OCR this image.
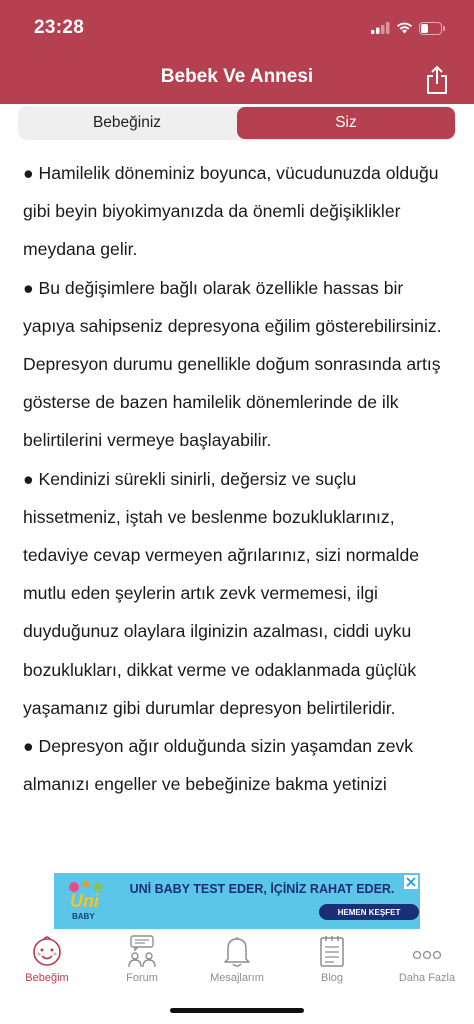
23:28
Bebek Ve Annesi
Bebeğiniz	Siz

● Hamilelik döneminiz boyunca, vücudunuzda olduğu gibi beyin biyokimyanızda da önemli değişiklikler meydana gelir.

● Bu değişimlere bağlı olarak özellikle hassas bir yapıya sahipseniz depresyona eğilim gösterebilirsiniz. Depresyon durumu genellikle doğum sonrasında artış gösterse de bazen hamilelik dönemlerinde de ilk belirtilerini vermeye başlayabilir.

● Kendinizi sürekli sinirli, değersiz ve suçlu hissetmeniz, iştah ve beslenme bozukluklarınız, tedaviye cevap vermeyen ağrılarınız, sizi normalde mutlu eden şeylerin artık zevk vermemesi, ilgi duyduğunuz olaylara ilginizin azalması, ciddi uyku bozuklukları, dikkat verme ve odaklanmada güçlük yaşamanız gibi durumlar depresyon belirtileridir.

● Depresyon ağır olduğunda sizin yaşamdan zevk almanızı engeller ve bebeğinize bakma yetinizi

Uni
BABY
UNİ BABY TEST EDER, İÇİNİZ RAHAT EDER.
HEMEN KEŞFET
Bebeğim	Forum	Mesajlarım	Blog	Daha Fazla
